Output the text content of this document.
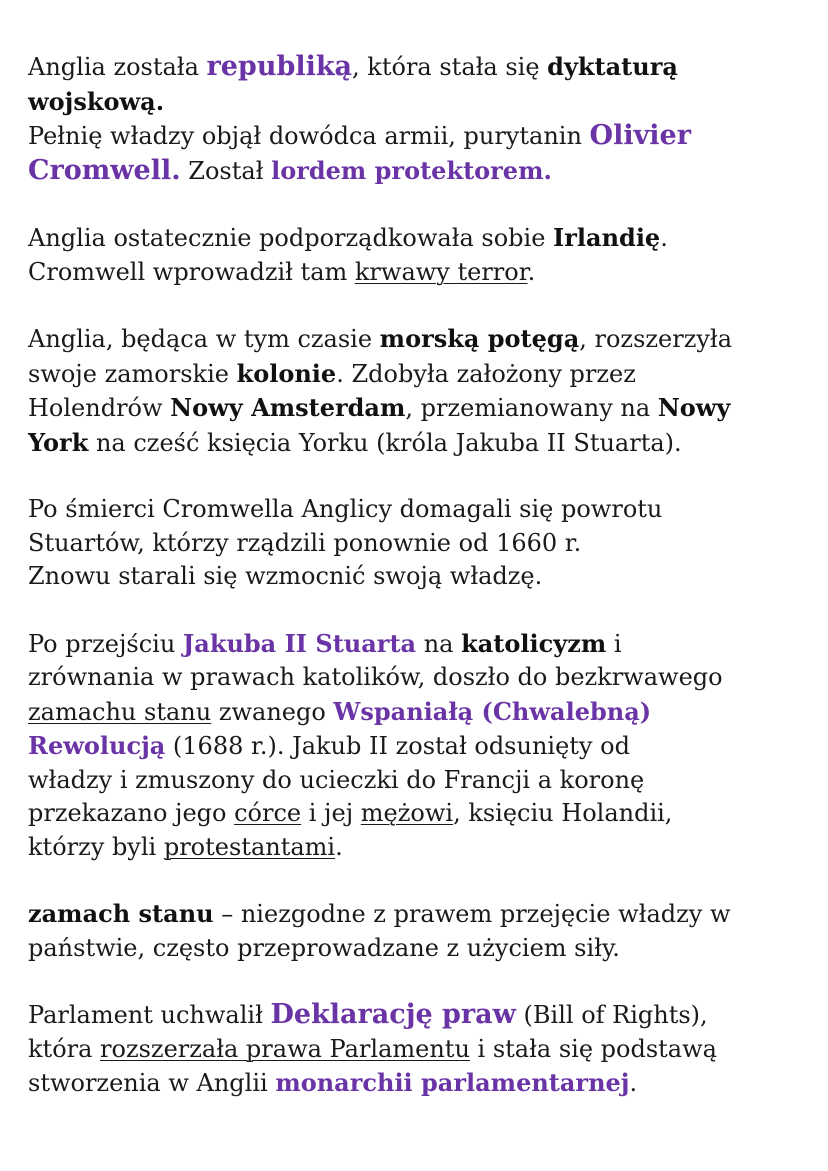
Anglia została republiką, która stała się dyktaturą
wojskową.
Pełnię władzy objął dowódca armii, purytanin Olivier
Cromwell. Został lordem protektorem.

Anglia ostatecznie podporządkowała sobie Irlandię.
Cromwell wprowadził tam krwawy terror.

Anglia, będąca w tym czasie morską potęgą, rozszerzyła
swoje zamorskie kolonie. Zdobyła założony przez
Holendrów Nowy Amsterdam, przemianowany na Nowy
York na cześć księcia Yorku (króla Jakuba II Stuarta).

Po śmierci Cromwella Anglicy domagali się powrotu
Stuartów, którzy rządzili ponownie od 1660 r.
Znowu starali się wzmocnić swoją władzę.

Po przejściu Jakuba II Stuarta na katolicyzm i
zrównania w prawach katolików, doszło do bezkrwawego
zamachu stanu zwanego Wspaniałą (Chwalebną)
Rewolucją (1688 r.). Jakub II został odsunięty od
władzy i zmuszony do ucieczki do Francji a koronę
przekazano jego córce i jej mężowi, księciu Holandii,
którzy byli protestantami.

zamach stanu – niezgodne z prawem przejęcie władzy w
państwie, często przeprowadzane z użyciem siły.

Parlament uchwalił Deklarację praw (Bill of Rights),
która rozszerzała prawa Parlamentu i stała się podstawą
stworzenia w Anglii monarchii parlamentarnej.
